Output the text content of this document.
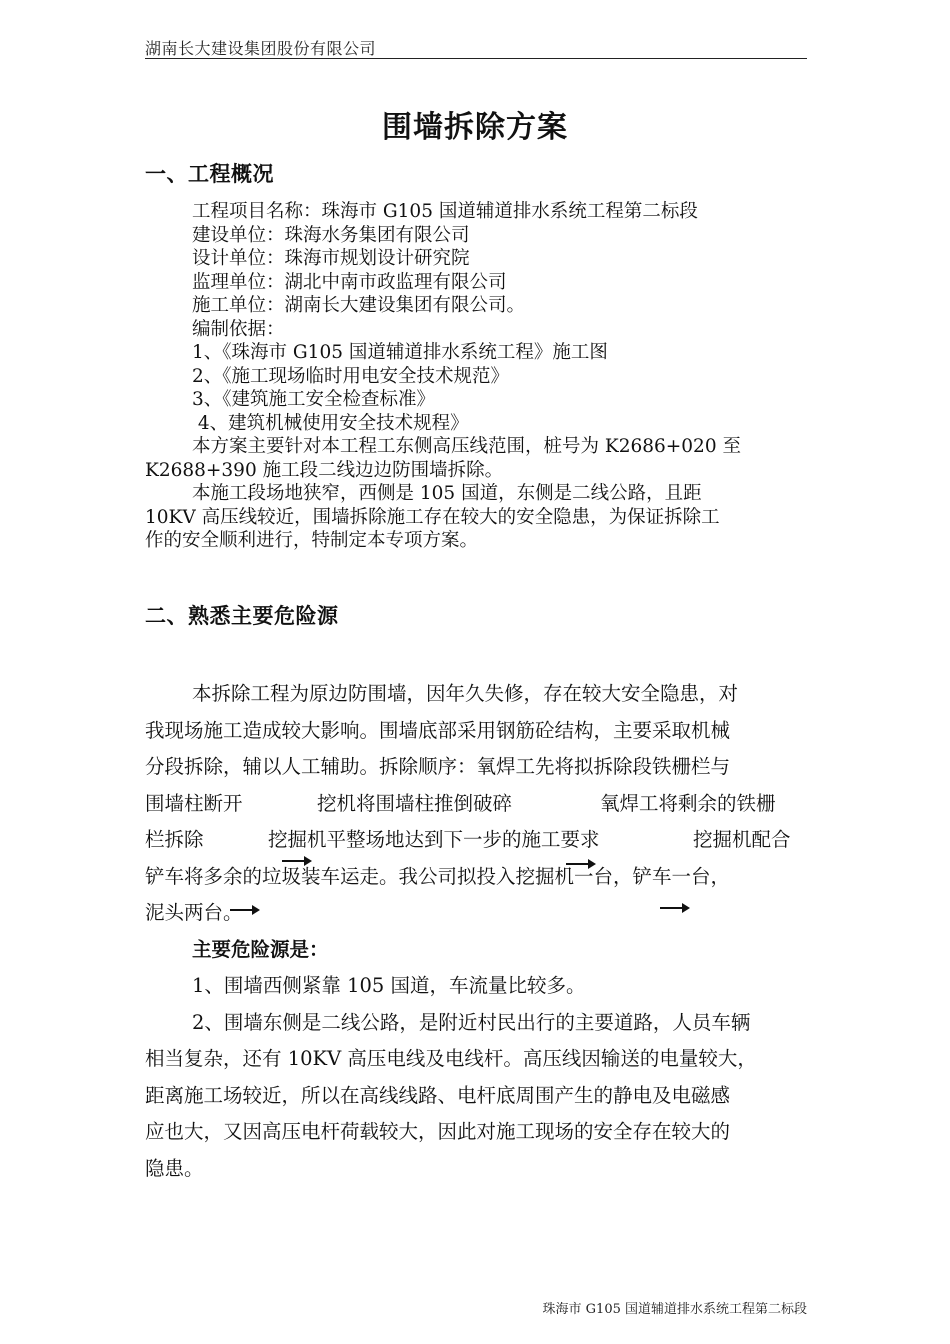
湖南长大建设集团股份有限公司
围墙拆除方案
一、工程概况
工程项目名称：珠海市 G105 国道辅道排水系统工程第二标段
建设单位：珠海水务集团有限公司
设计单位：珠海市规划设计研究院
监理单位：湖北中南市政监理有限公司
施工单位：湖南长大建设集团有限公司。
编制依据：
1、《珠海市 G105 国道辅道排水系统工程》施工图
2、《施工现场临时用电安全技术规范》
3、《建筑施工安全检查标准》
4、建筑机械使用安全技术规程》
本方案主要针对本工程工东侧高压线范围，桩号为 K2686+020 至
K2688+390 施工段二线边边防围墙拆除。
本施工段场地狭窄，西侧是 105 国道，东侧是二线公路，且距
10KV 高压线较近，围墙拆除施工存在较大的安全隐患，为保证拆除工
作的安全顺利进行，特制定本专项方案。
二、熟悉主要危险源
本拆除工程为原边防围墙，因年久失修，存在较大安全隐患，对
我现场施工造成较大影响。围墙底部采用钢筋砼结构，主要采取机械
分段拆除，辅以人工辅助。拆除顺序：氧焊工先将拟拆除段铁栅栏与
围墙柱断开	挖机将围墙柱推倒破碎	氧焊工将剩余的铁栅
栏拆除	挖掘机平整场地达到下一步的施工要求	挖掘机配合
铲车将多余的垃圾装车运走。我公司拟投入挖掘机一台，铲车一台，
泥头两台。
主要危险源是：
1、围墙西侧紧靠 105 国道，车流量比较多。
2、围墙东侧是二线公路，是附近村民出行的主要道路，人员车辆
相当复杂，还有 10KV 高压电线及电线杆。高压线因输送的电量较大，
距离施工场较近，所以在高线线路、电杆底周围产生的静电及电磁感
应也大，又因高压电杆荷载较大，因此对施工现场的安全存在较大的
隐患。
珠海市 G105 国道辅道排水系统工程第二标段
